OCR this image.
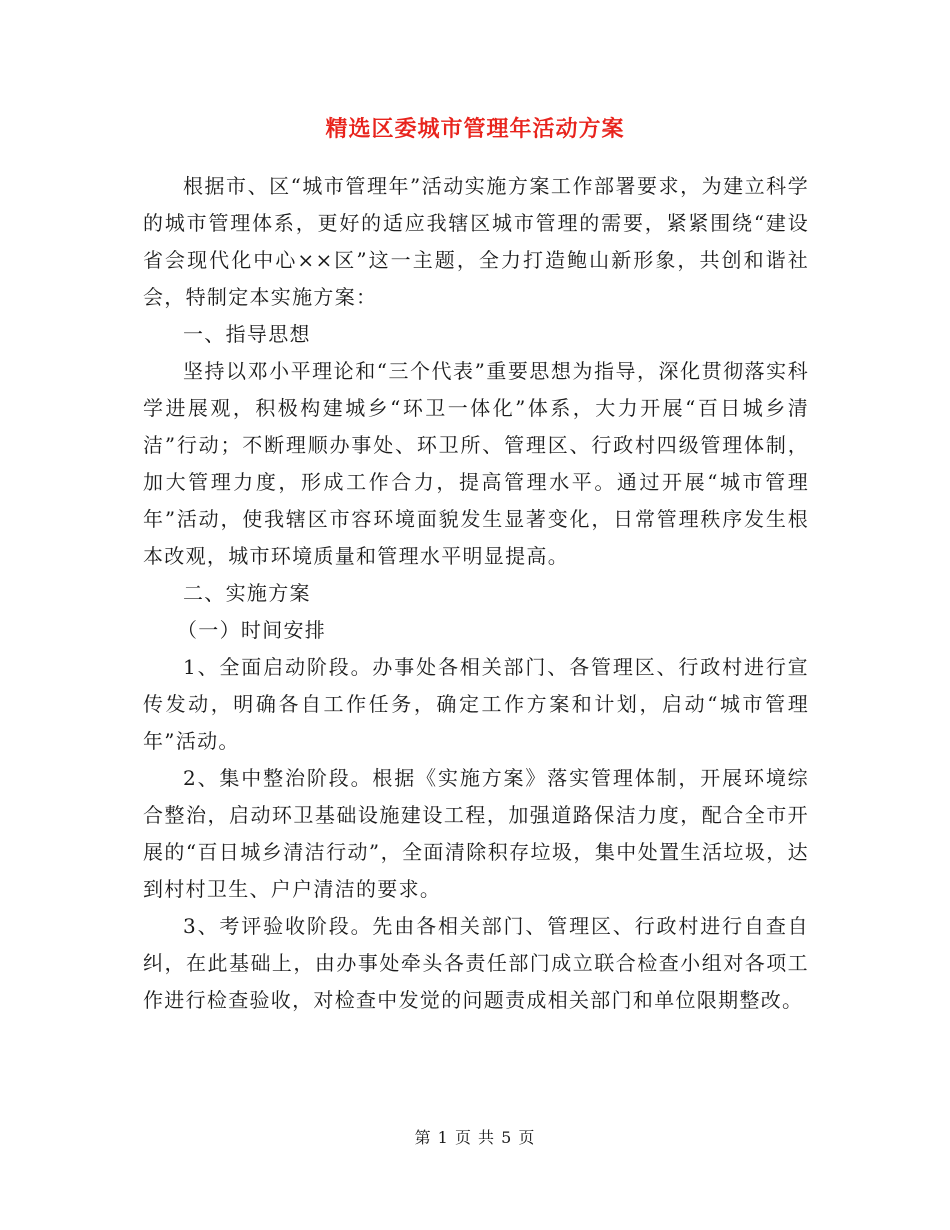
精选区委城市管理年活动方案

根据市、区“城市管理年”活动实施方案工作部署要求，为建立科学的城市管理体系，更好的适应我辖区城市管理的需要，紧紧围绕“建设省会现代化中心××区”这一主题，全力打造鲍山新形象，共创和谐社会，特制定本实施方案：

一、指导思想

坚持以邓小平理论和“三个代表”重要思想为指导，深化贯彻落实科学进展观，积极构建城乡“环卫一体化”体系，大力开展“百日城乡清洁”行动；不断理顺办事处、环卫所、管理区、行政村四级管理体制，加大管理力度，形成工作合力，提高管理水平。通过开展“城市管理年”活动，使我辖区市容环境面貌发生显著变化，日常管理秩序发生根本改观，城市环境质量和管理水平明显提高。

二、实施方案

（一）时间安排

1、全面启动阶段。办事处各相关部门、各管理区、行政村进行宣传发动，明确各自工作任务，确定工作方案和计划，启动“城市管理年”活动。

2、集中整治阶段。根据《实施方案》落实管理体制，开展环境综合整治，启动环卫基础设施建设工程，加强道路保洁力度，配合全市开展的“百日城乡清洁行动”，全面清除积存垃圾，集中处置生活垃圾，达到村村卫生、户户清洁的要求。

3、考评验收阶段。先由各相关部门、管理区、行政村进行自查自纠，在此基础上，由办事处牵头各责任部门成立联合检查小组对各项工作进行检查验收，对检查中发觉的问题责成相关部门和单位限期整改。

第 1 页 共 5 页
